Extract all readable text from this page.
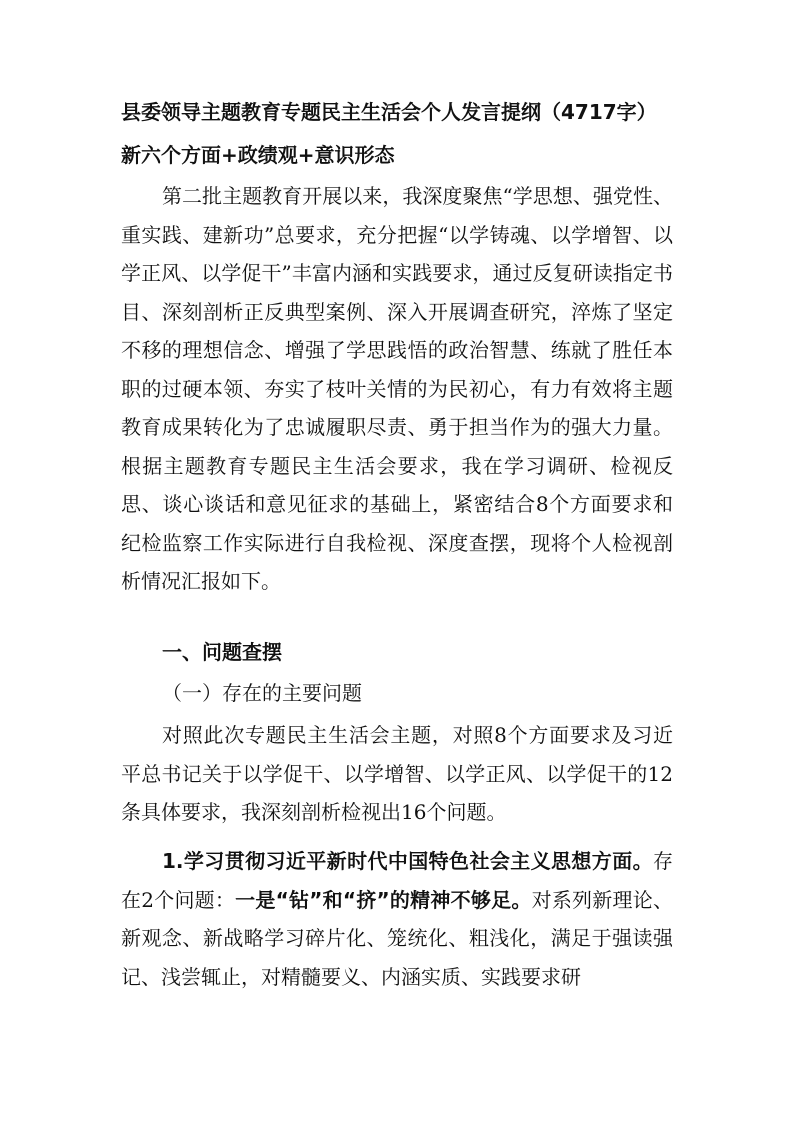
县委领导主题教育专题民主生活会个人发言提纲（4717字）
新六个方面+政绩观+意识形态

第二批主题教育开展以来，我深度聚焦“学思想、强党性、重实践、建新功”总要求，充分把握“以学铸魂、以学增智、以学正风、以学促干”丰富内涵和实践要求，通过反复研读指定书目、深刻剖析正反典型案例、深入开展调查研究，淬炼了坚定不移的理想信念、增强了学思践悟的政治智慧、练就了胜任本职的过硬本领、夯实了枝叶关情的为民初心，有力有效将主题教育成果转化为了忠诚履职尽责、勇于担当作为的强大力量。根据主题教育专题民主生活会要求，我在学习调研、检视反思、谈心谈话和意见征求的基础上，紧密结合8个方面要求和纪检监察工作实际进行自我检视、深度查摆，现将个人检视剖析情况汇报如下。

一、问题查摆
（一）存在的主要问题

对照此次专题民主生活会主题，对照8个方面要求及习近平总书记关于以学促干、以学增智、以学正风、以学促干的12条具体要求，我深刻剖析检视出16个问题。

1.学习贯彻习近平新时代中国特色社会主义思想方面。存在2个问题：一是“钻”和“挤”的精神不够足。对系列新理论、新观念、新战略学习碎片化、笼统化、粗浅化，满足于强读强记、浅尝辄止，对精髓要义、内涵实质、实践要求研
